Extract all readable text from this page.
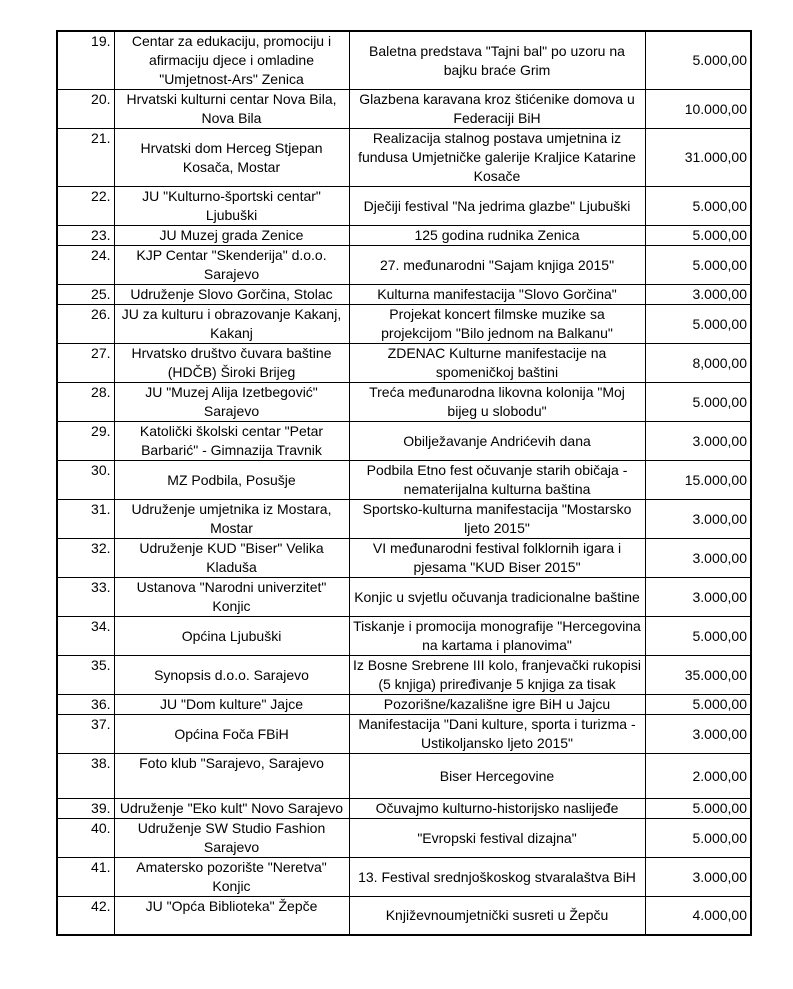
19.	Centar za edukaciju, promociju i afirmaciju djece i omladine "Umjetnost-Ars" Zenica	Baletna predstava "Tajni bal" po uzoru na bajku braće Grim	5.000,00
20.	Hrvatski kulturni centar Nova Bila, Nova Bila	Glazbena karavana kroz štićenike domova u Federaciji BiH	10.000,00
21.	Hrvatski dom Herceg Stjepan Kosača, Mostar	Realizacija stalnog postava umjetnina iz fundusa Umjetničke galerije Kraljice Katarine Kosače	31.000,00
22.	JU "Kulturno-športski centar" Ljubuški	Dječiji festival "Na jedrima glazbe" Ljubuški	5.000,00
23.	JU Muzej grada Zenice	125 godina rudnika Zenica	5.000,00
24.	KJP Centar "Skenderija" d.o.o. Sarajevo	27. međunarodni "Sajam knjiga 2015"	5.000,00
25.	Udruženje Slovo Gorčina, Stolac	Kulturna manifestacija "Slovo Gorčina"	3.000,00
26.	JU za kulturu i obrazovanje Kakanj, Kakanj	Projekat koncert filmske muzike sa projekcijom "Bilo jednom na Balkanu"	5.000,00
27.	Hrvatsko društvo čuvara baštine (HDČB) Široki Brijeg	ZDENAC Kulturne manifestacije na spomeničkoj baštini	8,000,00
28.	JU "Muzej Alija Izetbegović" Sarajevo	Treća međunarodna likovna kolonija "Moj bijeg u slobodu"	5.000,00
29.	Katolički školski centar "Petar Barbarić" - Gimnazija Travnik	Obilježavanje Andrićevih dana	3.000,00
30.	MZ Podbila, Posušje	Podbila Etno fest očuvanje starih običaja - nematerijalna kulturna baština	15.000,00
31.	Udruženje umjetnika iz Mostara, Mostar	Sportsko-kulturna manifestacija "Mostarsko ljeto 2015"	3.000,00
32.	Udruženje KUD "Biser" Velika Kladuša	VI međunarodni festival folklornih igara i pjesama "KUD Biser 2015"	3.000,00
33.	Ustanova "Narodni univerzitet" Konjic	Konjic u svjetlu očuvanja tradicionalne baštine	3.000,00
34.	Općina Ljubuški	Tiskanje i promocija monografije "Hercegovina na kartama i planovima"	5.000,00
35.	Synopsis d.o.o. Sarajevo	Iz Bosne Srebrene III kolo, franjevački rukopisi (5 knjiga) priređivanje 5 knjiga za tisak	35.000,00
36.	JU "Dom kulture" Jajce	Pozorišne/kazališne igre BiH u Jajcu	5.000,00
37.	Općina Foča FBiH	Manifestacija "Dani kulture, sporta i turizma - Ustikoljansko ljeto 2015"	3.000,00
38.	Foto klub "Sarajevo, Sarajevo	Biser Hercegovine	2.000,00
39.	Udruženje "Eko kult" Novo Sarajevo	Očuvajmo kulturno-historijsko naslijeđe	5.000,00
40.	Udruženje SW Studio Fashion Sarajevo	"Evropski festival dizajna"	5.000,00
41.	Amatersko pozorište "Neretva" Konjic	13. Festival srednjoškoskog stvaralaštva BiH	3.000,00
42.	JU "Opća Biblioteka" Žepče	Književnoumjetnički susreti u Žepču	4.000,00
